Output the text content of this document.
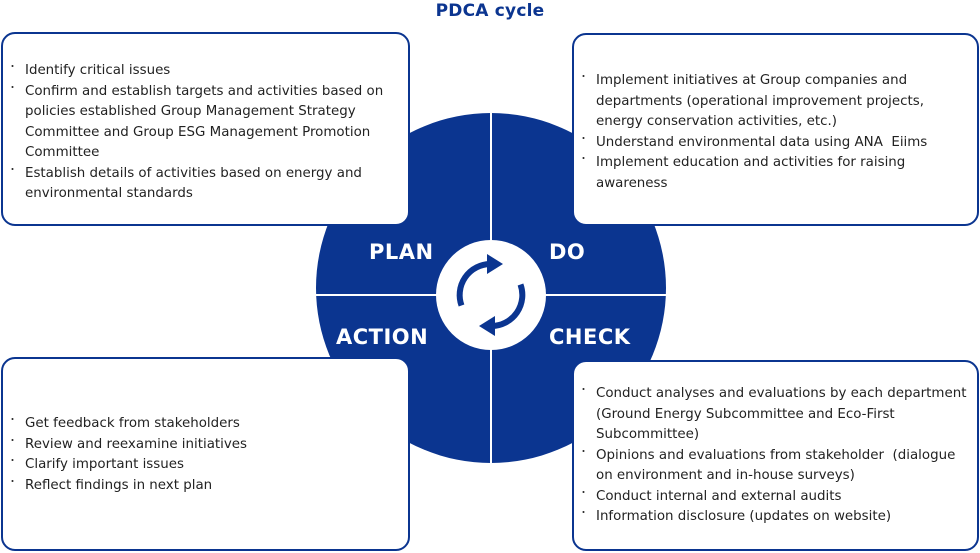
PDCA cycle
PLAN	DO
ACTION	CHECK
・ Identify critical issues
・ Confirm and establish targets and activities based on policies established Group Management Strategy  Committee and Group ESG Management Promotion Committee
・ Establish details of activities based on energy and environmental standards
・ Implement initiatives at Group companies and departments (operational improvement projects, energy conservation activities, etc.)
・ Understand environmental data using ANA  Eiims
・ Implement education and activities for raising awareness
・ Get feedback from stakeholders
・ Review and reexamine initiatives
・ Clarify important issues
・ Reflect findings in next plan
・ Conduct analyses and evaluations by each department (Ground Energy Subcommittee and Eco-First Subcommittee)
・ Opinions and evaluations from stakeholder  (dialogue on environment and in-house surveys)
・ Conduct internal and external audits
・ Information disclosure (updates on website)
